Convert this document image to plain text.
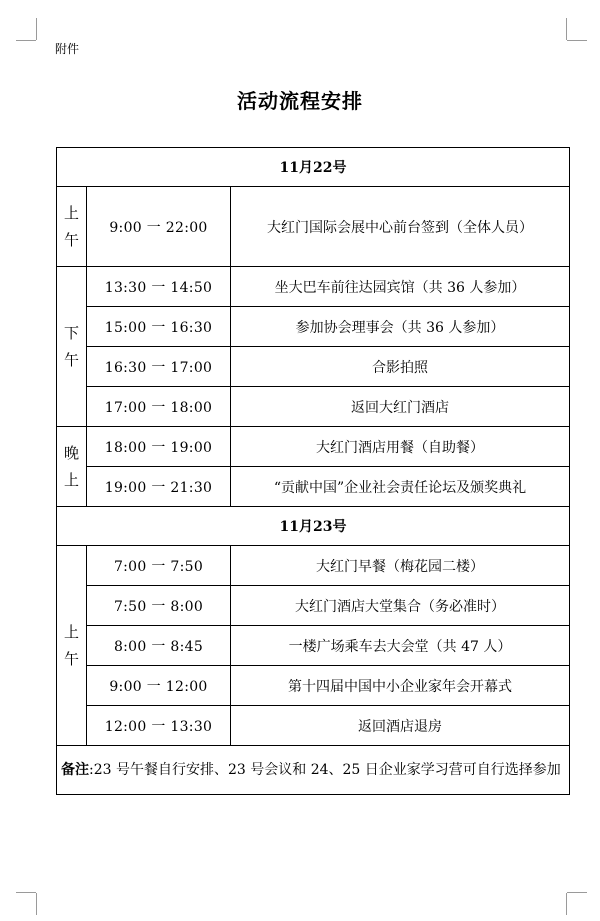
附件
活动流程安排
11月22号		
上午	9:00 一 22:00	大红门国际会展中心前台签到（全体人员）
下午	13:30 一 14:50	坐大巴车前往达园宾馆（共 36 人参加）
	15:00 一 16:30	参加协会理事会（共 36 人参加）
	16:30 一 17:00	合影拍照
	17:00 一 18:00	返回大红门酒店
晚上	18:00 一 19:00	大红门酒店用餐（自助餐）
	19:00 一 21:30	“贡献中国”企业社会责任论坛及颁奖典礼
11月23号		
上午	7:00 一 7:50	大红门早餐（梅花园二楼）
	7:50 一 8:00	大红门酒店大堂集合（务必准时）
	8:00 一 8:45	一楼广场乘车去大会堂（共 47 人）
	9:00 一 12:00	第十四届中国中小企业家年会开幕式
	12:00 一 13:30	返回酒店退房
备注:23 号午餐自行安排、23 号会议和 24、25 日企业家学习营可自行选择参加		
